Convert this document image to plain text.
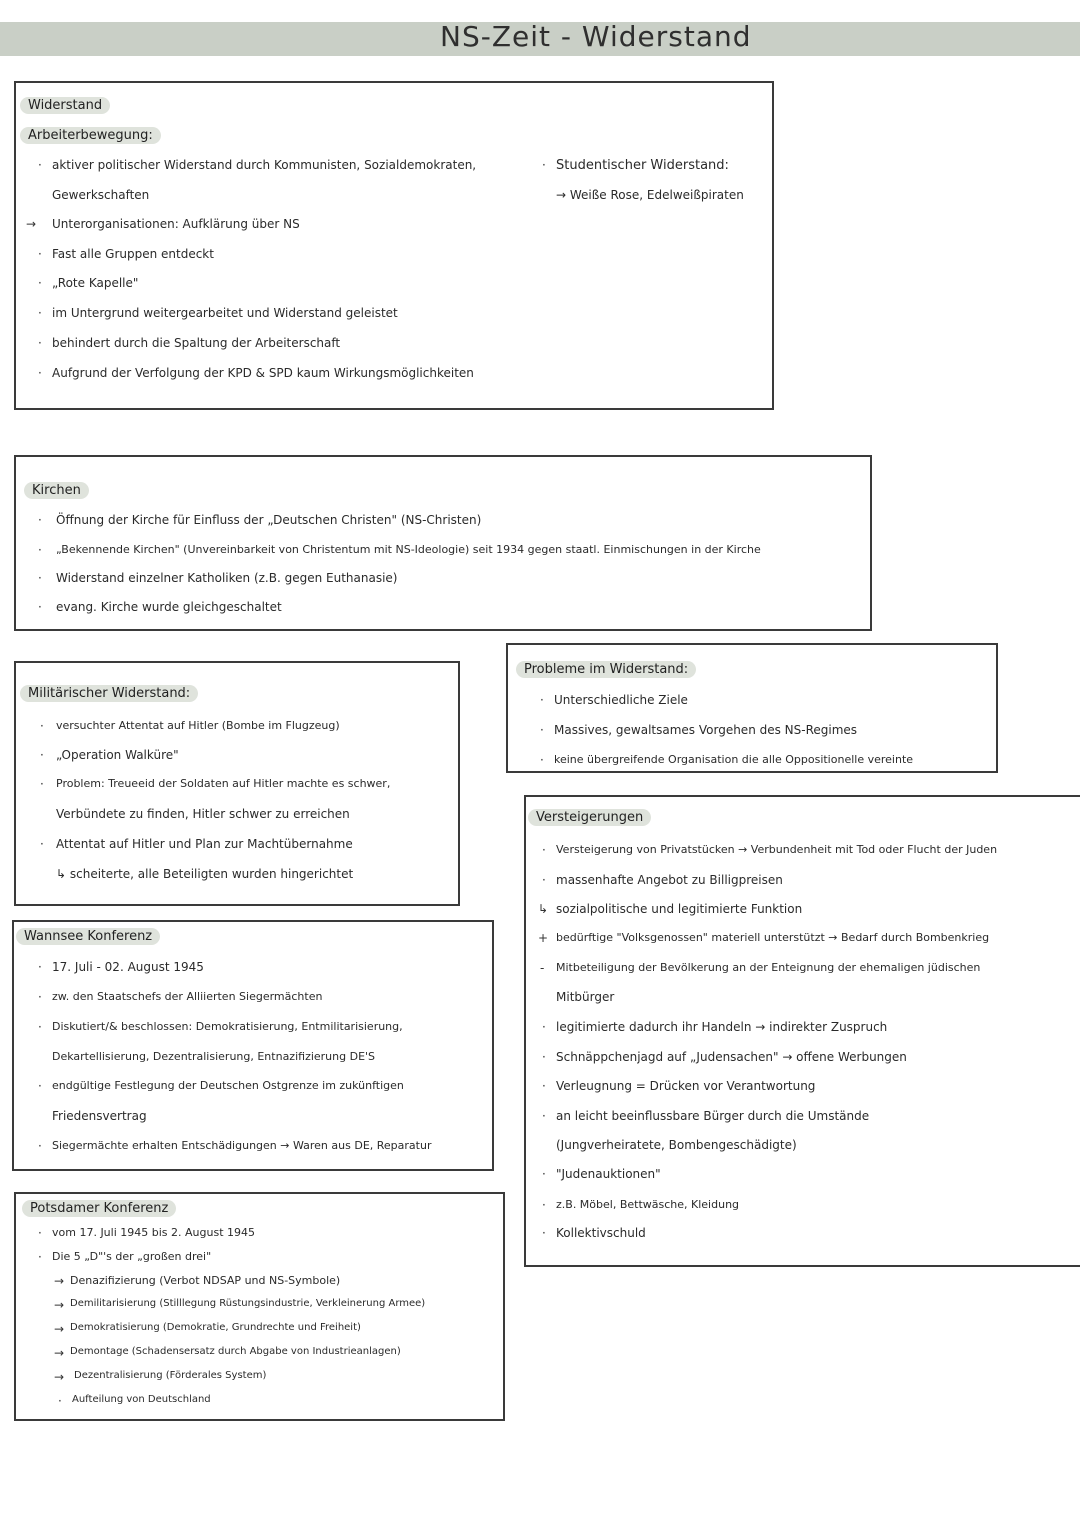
NS-Zeit - Widerstand
Widerstand
Arbeiterbewegung:
· aktiver politischer Widerstand durch Kommunisten, Sozialdemokraten,
Gewerkschaften
→ Unterorganisationen: Aufklärung über NS
· Fast alle Gruppen entdeckt
· „Rote Kapelle"
· im Untergrund weitergearbeitet und Widerstand geleistet
· behindert durch die Spaltung der Arbeiterschaft
· Aufgrund der Verfolgung der KPD & SPD kaum Wirkungsmöglichkeiten
· Studentischer Widerstand:
→ Weiße Rose, Edelweißpiraten
Kirchen
· Öffnung der Kirche für Einfluss der „Deutschen Christen" (NS-Christen)
· „Bekennende Kirchen" (Unvereinbarkeit von Christentum mit NS-Ideologie) seit 1934 gegen staatl. Einmischungen in der Kirche
· Widerstand einzelner Katholiken (z.B. gegen Euthanasie)
· evang. Kirche wurde gleichgeschaltet
Probleme im Widerstand:
· Unterschiedliche Ziele
· Massives, gewaltsames Vorgehen des NS-Regimes
· keine übergreifende Organisation die alle Oppositionelle vereinte
Militärischer Widerstand:
· versuchter Attentat auf Hitler (Bombe im Flugzeug)
· „Operation Walküre"
· Problem: Treueeid der Soldaten auf Hitler machte es schwer,
Verbündete zu finden, Hitler schwer zu erreichen
· Attentat auf Hitler und Plan zur Machtübernahme
↳ scheiterte, alle Beteiligten wurden hingerichtet
Versteigerungen
· Versteigerung von Privatstücken → Verbundenheit mit Tod oder Flucht der Juden
· massenhafte Angebot zu Billigpreisen
↳ sozialpolitische und legitimierte Funktion
+ bedürftige "Volksgenossen" materiell unterstützt → Bedarf durch Bombenkrieg
- Mitbeteiligung der Bevölkerung an der Enteignung der ehemaligen jüdischen
Mitbürger
· legitimierte dadurch ihr Handeln → indirekter Zuspruch
· Schnäppchenjagd auf „Judensachen" → offene Werbungen
· Verleugnung = Drücken vor Verantwortung
· an leicht beeinflussbare Bürger durch die Umstände
(Jungverheiratete, Bombengeschädigte)
· "Judenauktionen"
· z.B. Möbel, Bettwäsche, Kleidung
· Kollektivschuld
Wannsee Konferenz
· 17. Juli - 02. August 1945
· zw. den Staatschefs der Alliierten Siegermächten
· Diskutiert/& beschlossen: Demokratisierung, Entmilitarisierung,
Dekartellisierung, Dezentralisierung, Entnazifizierung DE'S
· endgültige Festlegung der Deutschen Ostgrenze im zukünftigen
Friedensvertrag
· Siegermächte erhalten Entschädigungen → Waren aus DE, Reparatur
Potsdamer Konferenz
· vom 17. Juli 1945 bis 2. August 1945
· Die 5 „D"'s der „großen drei"
→ Denazifizierung (Verbot NDSAP und NS-Symbole)
→ Demilitarisierung (Stilllegung Rüstungsindustrie, Verkleinerung Armee)
→ Demokratisierung (Demokratie, Grundrechte und Freiheit)
→ Demontage (Schadensersatz durch Abgabe von Industrieanlagen)
→ Dezentralisierung (Förderales System)
· Aufteilung von Deutschland
